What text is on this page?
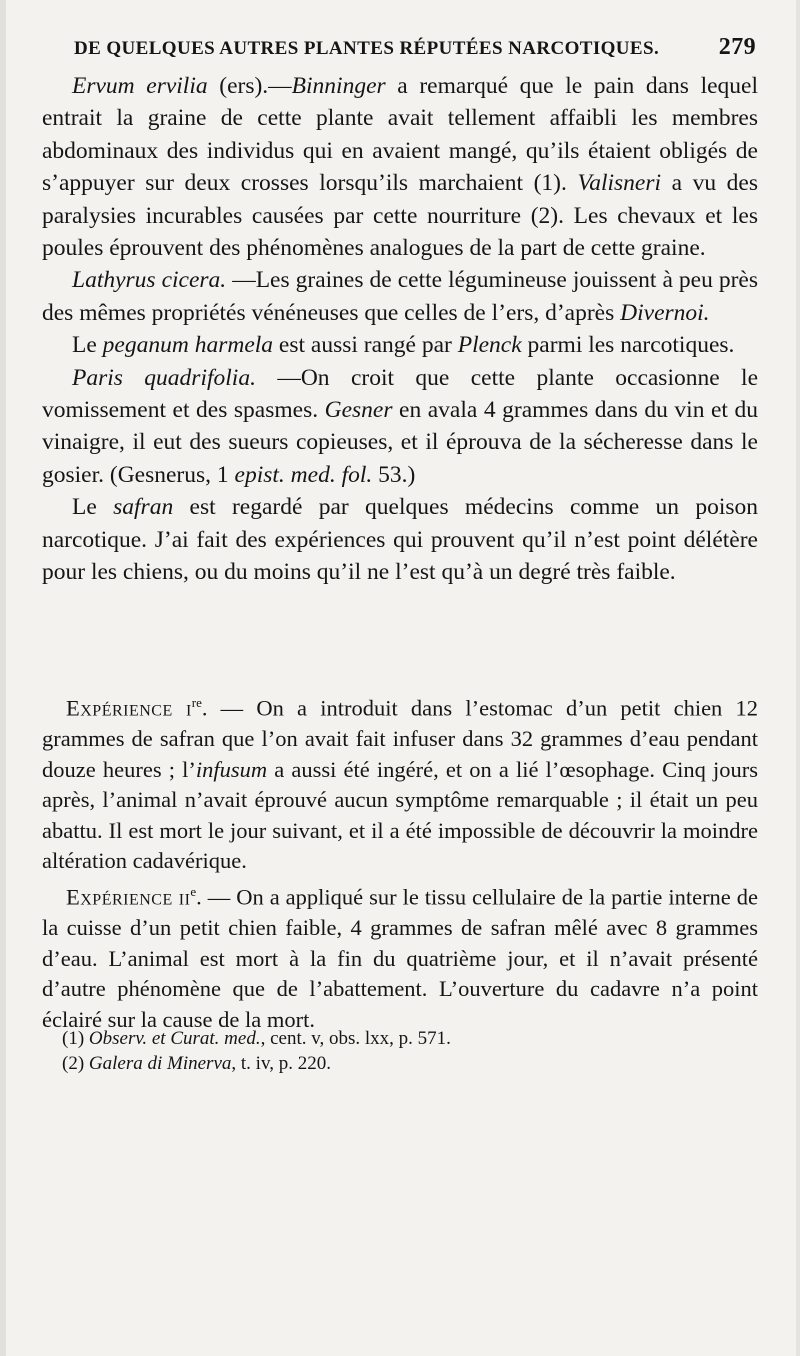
DE QUELQUES AUTRES PLANTES RÉPUTÉES NARCOTIQUES. 279

Ervum ervilia (ers).—Binninger a remarqué que le pain dans lequel entrait la graine de cette plante avait tellement affaibli les membres abdominaux des individus qui en avaient mangé, qu’ils étaient obligés de s’appuyer sur deux crosses lorsqu’ils marchaient (1). Valisneri a vu des paralysies incurables causées par cette nourriture (2). Les chevaux et les poules éprouvent des phénomènes analogues de la part de cette graine.

Lathyrus cicera. —Les graines de cette légumineuse jouissent à peu près des mêmes propriétés vénéneuses que celles de l’ers, d’après Divernoi.

Le peganum harmela est aussi rangé par Plenck parmi les narcotiques.

Paris quadrifolia. —On croit que cette plante occasionne le vomissement et des spasmes. Gesner en avala 4 grammes dans du vin et du vinaigre, il eut des sueurs copieuses, et il éprouva de la sécheresse dans le gosier. (Gesnerus, 1 epist. med. fol. 53.)

Le safran est regardé par quelques médecins comme un poison narcotique. J’ai fait des expériences qui prouvent qu’il n’est point délétère pour les chiens, ou du moins qu’il ne l’est qu’à un degré très faible.

Expérience $i^{re}$. — On a introduit dans l’estomac d’un petit chien 12 grammes de safran que l’on avait fait infuser dans 32 grammes d’eau pendant douze heures ; l’infusum a aussi été ingéré, et on a lié l’œsophage. Cinq jours après, l’animal n’avait éprouvé aucun symptôme remarquable ; il était un peu abattu. Il est mort le jour suivant, et il a été impossible de découvrir la moindre altération cadavérique.

Expérience $ii^e$. — On a appliqué sur le tissu cellulaire de la partie interne de la cuisse d’un petit chien faible, 4 grammes de safran mêlé avec 8 grammes d’eau. L’animal est mort à la fin du quatrième jour, et il n’avait présenté d’autre phénomène que de l’abattement. L’ouverture du cadavre n’a point éclairé sur la cause de la mort.

(1) Observ. et Curat. med., cent. v, obs. lxx, p. 571.
(2) Galera di Minerva, t. iv, p. 220.
